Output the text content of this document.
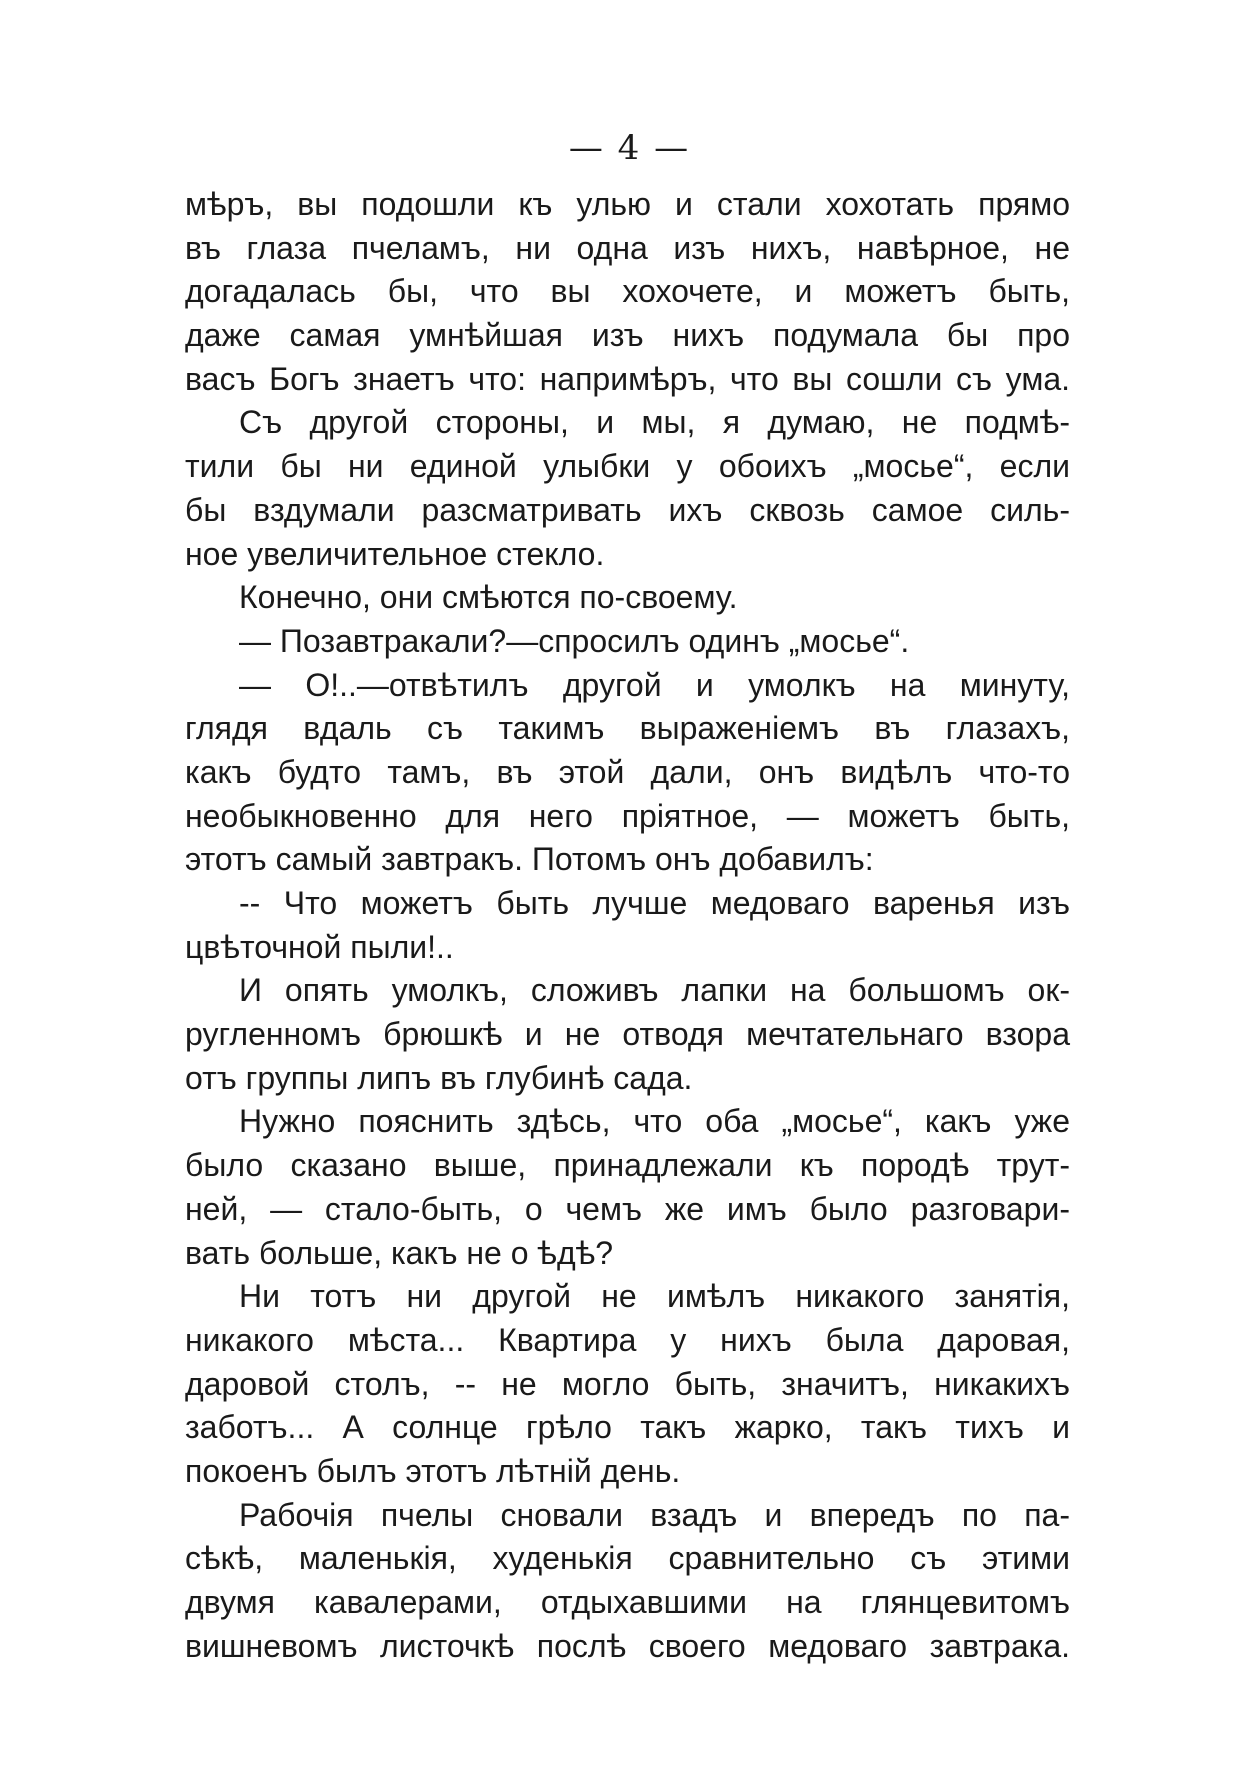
— 4 —
мѣръ, вы подошли къ улью и стали хохотать прямо
въ глаза пчеламъ, ни одна изъ нихъ, навѣрное, не
догадалась бы, что вы хохочете, и можетъ быть,
даже самая умнѣйшая изъ нихъ подумала бы про
васъ Богъ знаетъ что: напримѣръ, что вы сошли съ ума.
Съ другой стороны, и мы, я думаю, не подмѣ-
тили бы ни единой улыбки у обоихъ „мосье“, если
бы вздумали разсматривать ихъ сквозь самое силь-
ное увеличительное стекло.
Конечно, они смѣются по-своему.
— Позавтракали?—спросилъ одинъ „мосье“.
— О!..—отвѣтилъ другой и умолкъ на минуту,
глядя вдаль съ такимъ выраженіемъ въ глазахъ,
какъ будто тамъ, въ этой дали, онъ видѣлъ что-то
необыкновенно для него пріятное, — можетъ быть,
этотъ самый завтракъ. Потомъ онъ добавилъ:
-- Что можетъ быть лучше медоваго варенья изъ
цвѣточной пыли!..
И опять умолкъ, сложивъ лапки на большомъ ок-
ругленномъ брюшкѣ и не отводя мечтательнаго взора
отъ группы липъ въ глубинѣ сада.
Нужно пояснить здѣсь, что оба „мосье“, какъ уже
было сказано выше, принадлежали къ породѣ трут-
ней, — стало-быть, о чемъ же имъ было разговари-
вать больше, какъ не о ѣдѣ?
Ни тотъ ни другой не имѣлъ никакого занятія,
никакого мѣста... Квартира у нихъ была даровая,
даровой столъ, -- не могло быть, значитъ, никакихъ
заботъ... А солнце грѣло такъ жарко, такъ тихъ и
покоенъ былъ этотъ лѣтній день.
Рабочія пчелы сновали взадъ и впередъ по па-
сѣкѣ, маленькія, худенькія сравнительно съ этими
двумя кавалерами, отдыхавшими на глянцевитомъ
вишневомъ листочкѣ послѣ своего медоваго завтрака.
